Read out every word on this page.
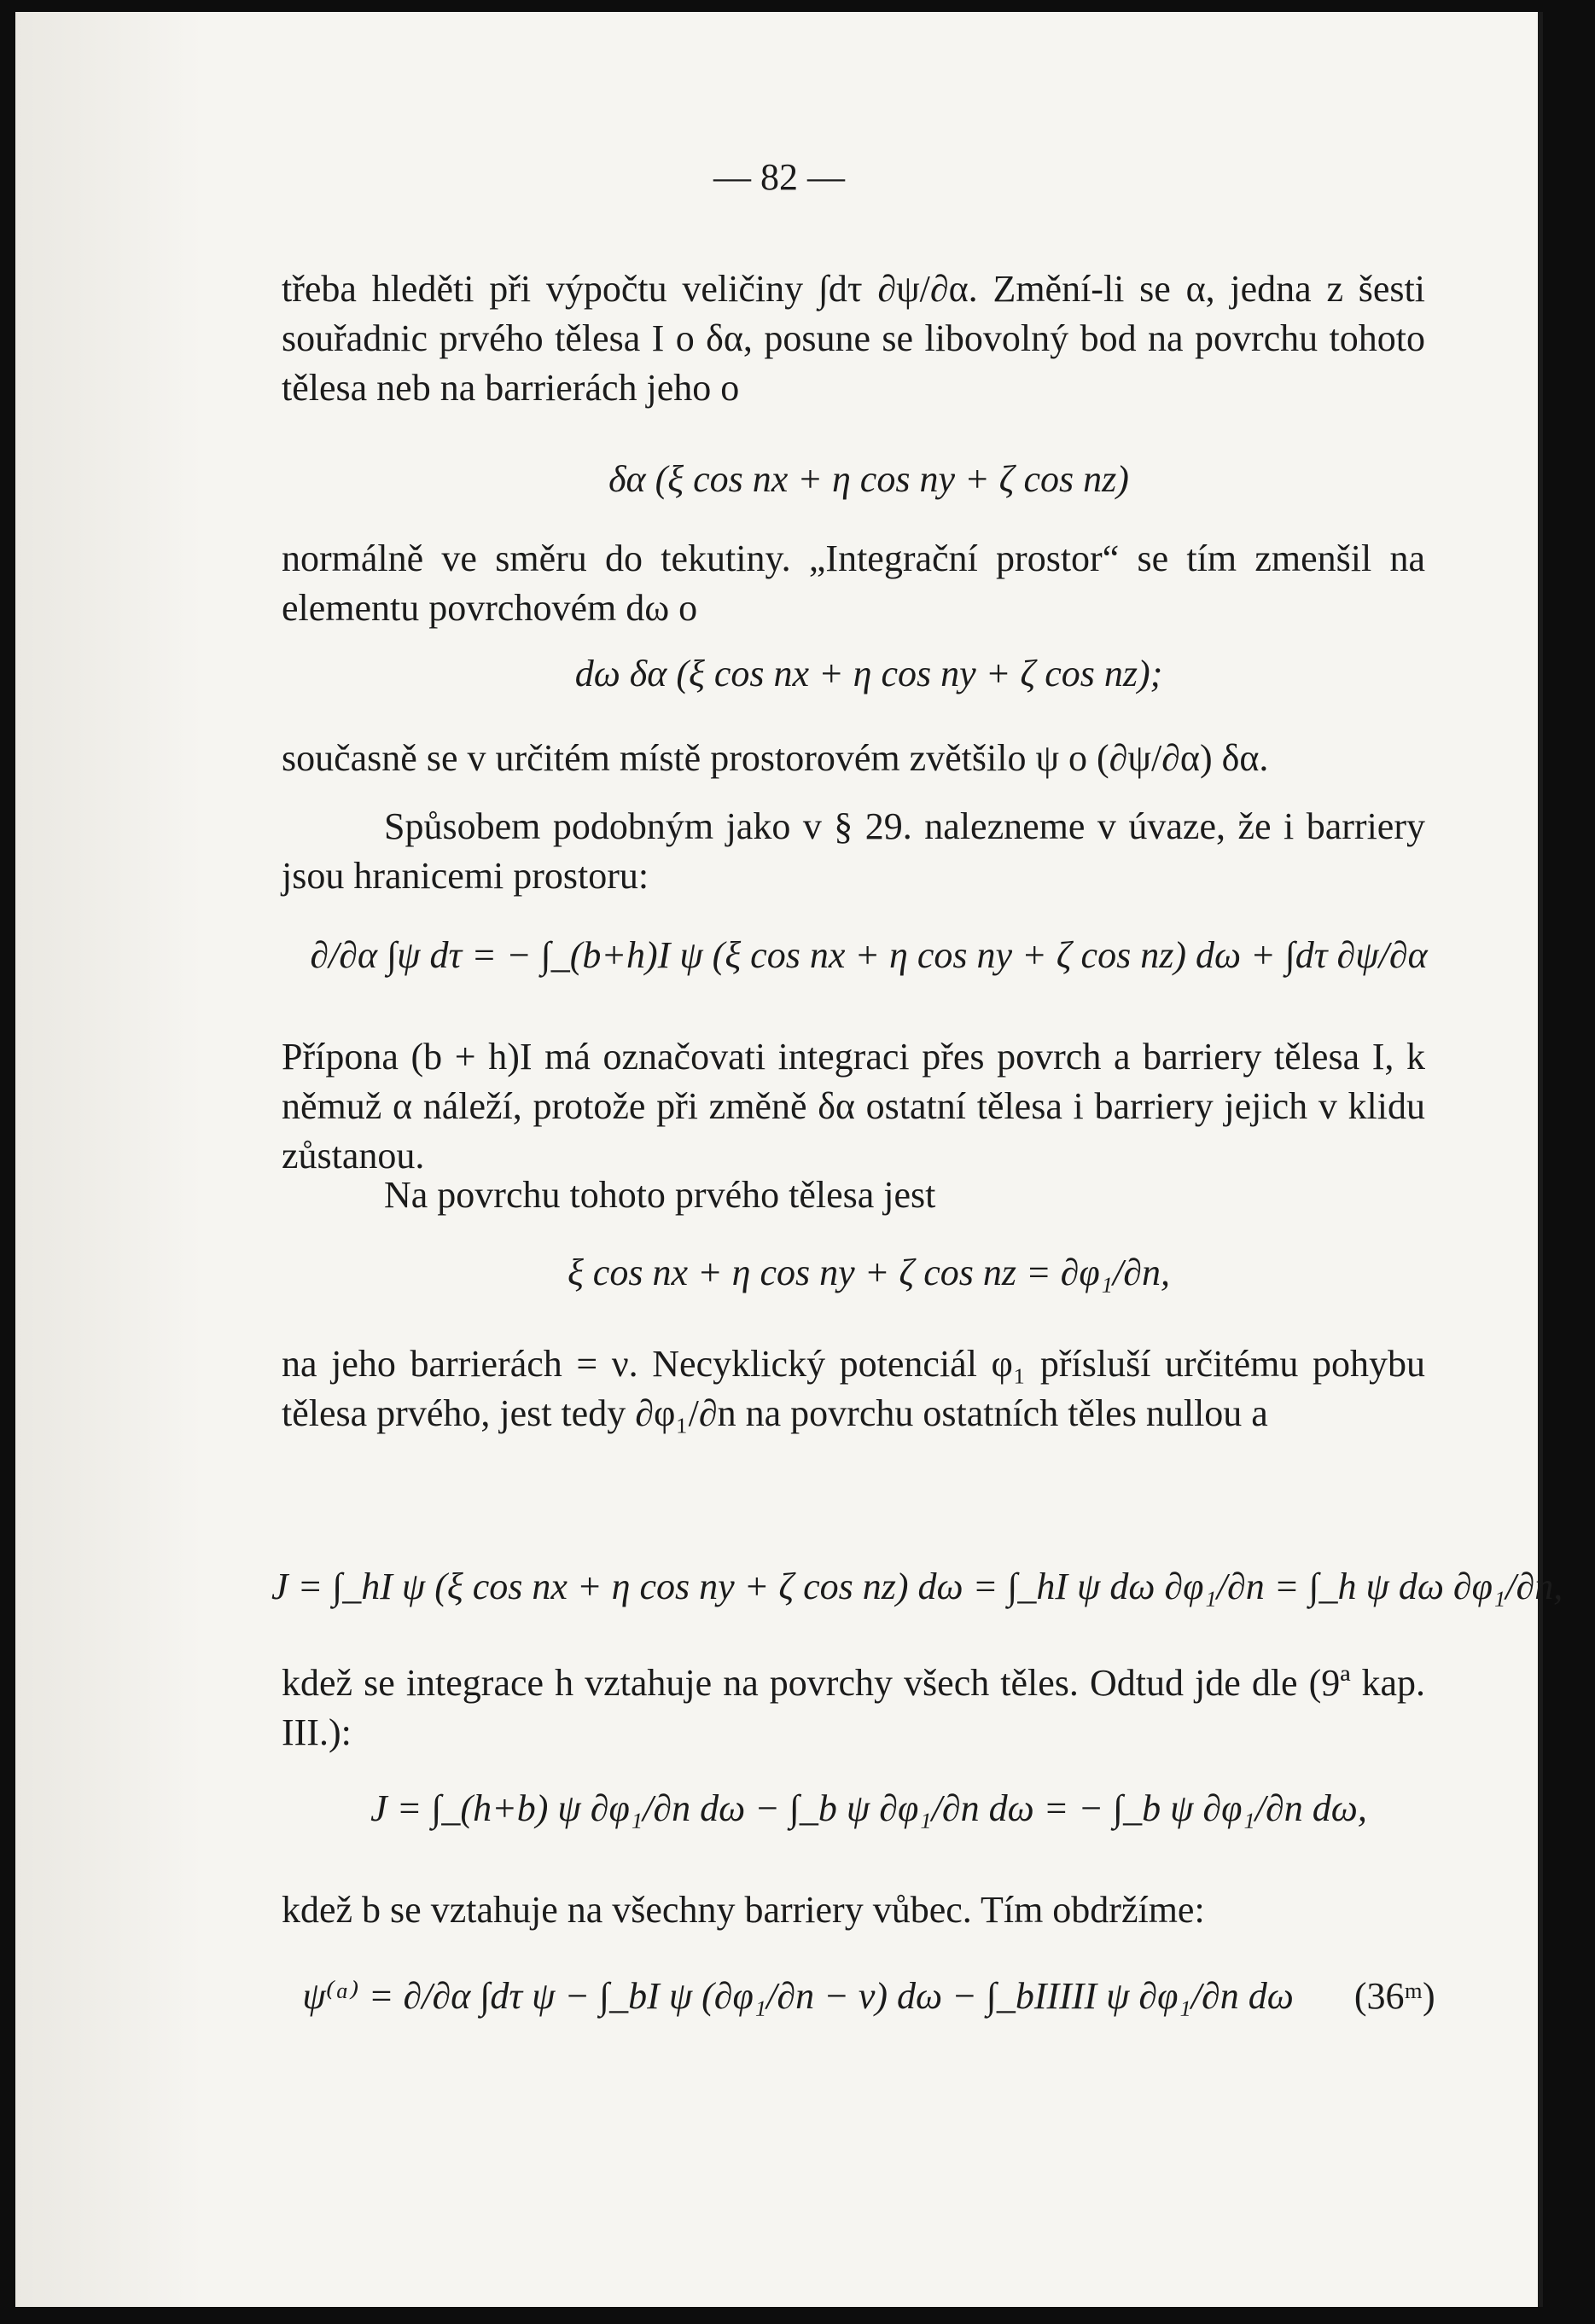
— 82 —

třeba hleděti při výpočtu veličiny ∫dτ ∂ψ/∂α. Změní-li se α, jedna z šesti souřadnic prvého tělesa I o δα, posune se libovolný bod na povrchu tohoto tělesa neb na barrierách jeho o

δα (ξ cos nx + η cos ny + ζ cos nz)

normálně ve směru do tekutiny. „Integrační prostor“ se tím zmenšil na elementu povrchovém dω o

dω δα (ξ cos nx + η cos ny + ζ cos nz);

současně se v určitém místě prostorovém zvětšilo ψ o (∂ψ/∂α) δα.

Spůsobem podobným jako v § 29. nalezneme v úvaze, že i barriery jsou hranicemi prostoru:

∂/∂α ∫ψ dτ = − ∫_(b+h)I ψ (ξ cos nx + η cos ny + ζ cos nz) dω + ∫dτ ∂ψ/∂α

Přípona (b + h)I má označovati integraci přes povrch a barriery tělesa I, k němuž α náleží, protože při změně δα ostatní tělesa i barriery jejich v klidu zůstanou.

Na povrchu tohoto prvého tělesa jest

ξ cos nx + η cos ny + ζ cos nz = ∂φ₁/∂n,

na jeho barrierách = ν. Necyklický potenciál φ₁ přísluší určitému pohybu tělesa prvého, jest tedy ∂φ₁/∂n na povrchu ostatních těles nullou a

J = ∫_hI ψ (ξ cos nx + η cos ny + ζ cos nz) dω = ∫_hI ψ dω ∂φ₁/∂n = ∫_h ψ dω ∂φ₁/∂n,

kdež se integrace h vztahuje na povrchy všech těles. Odtud jde dle (9ª kap. III.):

J = ∫_(h+b) ψ ∂φ₁/∂n dω − ∫_b ψ ∂φ₁/∂n dω = − ∫_b ψ ∂φ₁/∂n dω,

kdež b se vztahuje na všechny barriery vůbec. Tím obdržíme:

ψ⁽ᵅ⁾ = ∂/∂α ∫dτ ψ − ∫_bI ψ (∂φ₁/∂n − ν) dω − ∫_bIIIII ψ ∂φ₁/∂n dω (36ᵐ)
